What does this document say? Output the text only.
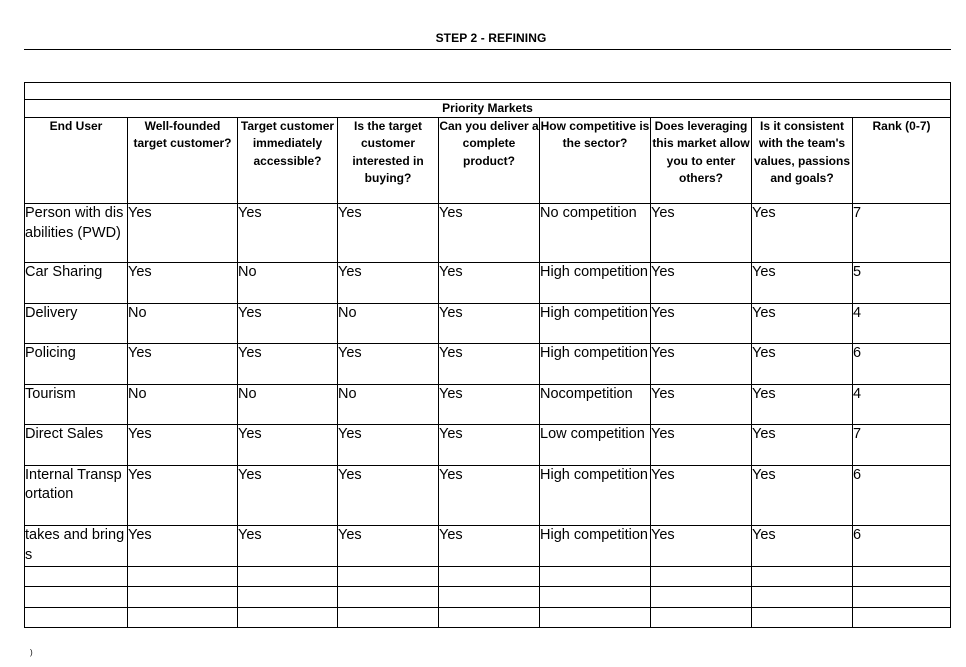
STEP 2 - REFINING

Priority Markets								
End User	Well-founded target customer?	Target customer immediately accessible?	Is the target customer interested in buying?	Can you deliver a complete product?	How competitive is the sector?	Does leveraging this market allow you to enter others?	Is it consistent with the team's values, passions and goals?	Rank (0-7)
Person with disabilities (PWD)	Yes	Yes	Yes	Yes	No competition	Yes	Yes	7
Car Sharing	Yes	No	Yes	Yes	High competition	Yes	Yes	5
Delivery	No	Yes	No	Yes	High competition	Yes	Yes	4
Policing	Yes	Yes	Yes	Yes	High competition	Yes	Yes	6
Tourism	No	No	No	Yes	Nocompetition	Yes	Yes	4
Direct Sales	Yes	Yes	Yes	Yes	Low competition	Yes	Yes	7
Internal Transportation	Yes	Yes	Yes	Yes	High competition	Yes	Yes	6
takes and brings	Yes	Yes	Yes	Yes	High competition	Yes	Yes	6

)
